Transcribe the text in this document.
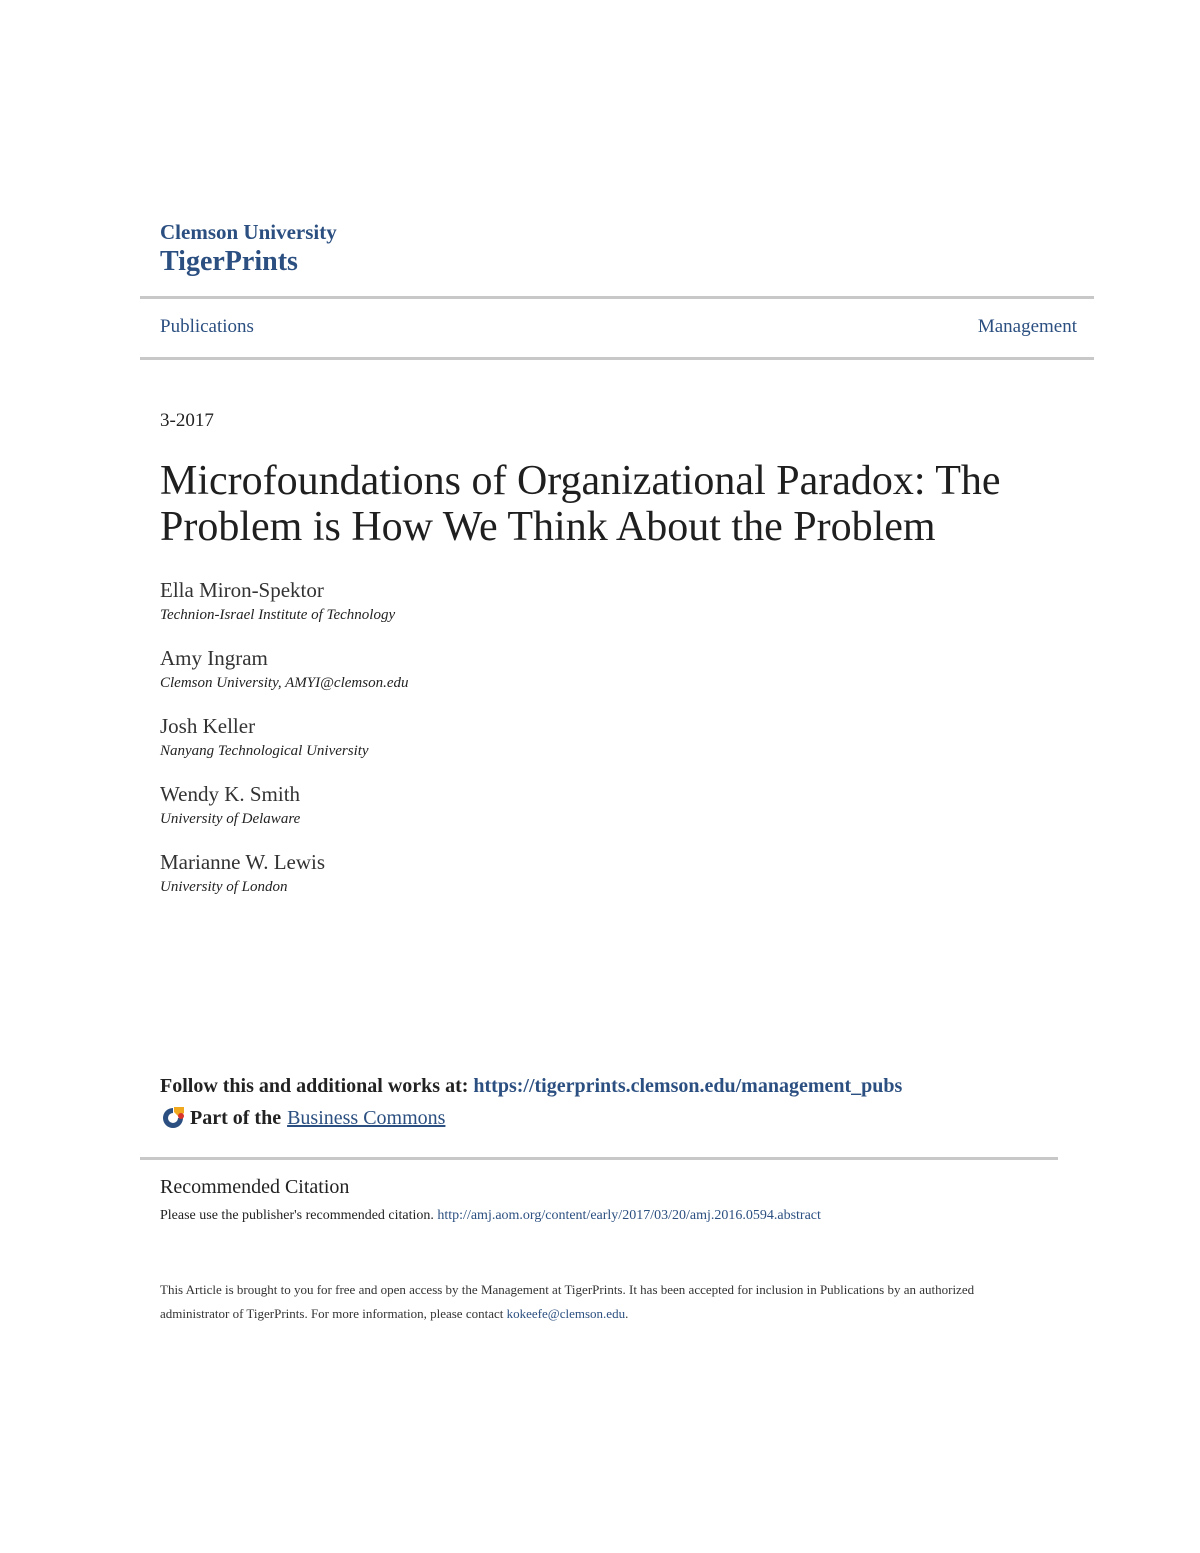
Clemson University
TigerPrints
Publications	Management
3-2017
Microfoundations of Organizational Paradox: The Problem is How We Think About the Problem
Ella Miron-Spektor
Technion-Israel Institute of Technology
Amy Ingram
Clemson University, AMYI@clemson.edu
Josh Keller
Nanyang Technological University
Wendy K. Smith
University of Delaware
Marianne W. Lewis
University of London
Follow this and additional works at: https://tigerprints.clemson.edu/management_pubs
Part of the Business Commons
Recommended Citation
Please use the publisher's recommended citation. http://amj.aom.org/content/early/2017/03/20/amj.2016.0594.abstract
This Article is brought to you for free and open access by the Management at TigerPrints. It has been accepted for inclusion in Publications by an authorized administrator of TigerPrints. For more information, please contact kokeefe@clemson.edu.
